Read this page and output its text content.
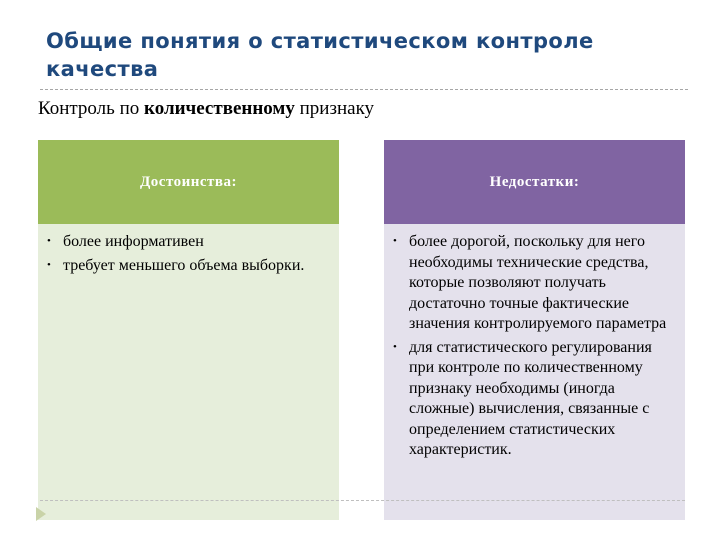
Общие понятия о статистическом контроле качества
Контроль по количественному признаку
Достоинства:
• более информативен
• требует меньшего объема выборки.
Недостатки:
• более дорогой, поскольку для него необходимы технические средства, которые позволяют получать достаточно точные фактические значения контролируемого параметра
• для статистического регулирования при контроле по количественному признаку необходимы (иногда сложные) вычисления, связанные с определением статистических характеристик.
